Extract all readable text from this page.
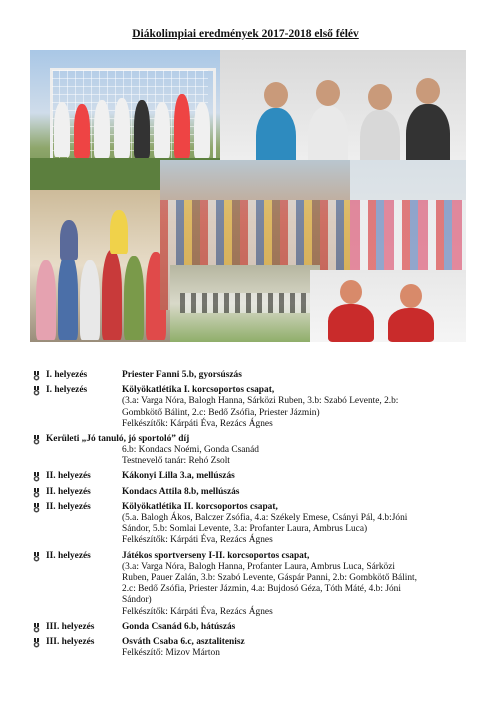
Diákolimpiai eredmények 2017-2018 első félév
I. helyezés	Priester Fanni 5.b, gyorsúszás
I. helyezés	Kölyökatlétika I. korcsoportos csapat,
(3.a: Varga Nóra, Balogh Hanna, Sárközi Ruben, 3.b: Szabó Levente, 2.b:
Gombkötő Bálint, 2.c: Bedő Zsófia, Priester Jázmin)
Felkészítők: Kárpáti Éva, Rezács Ágnes
Kerületi „Jó tanuló, jó sportoló” díj
6.b: Kondacs Noémi, Gonda Csanád
Testnevelő tanár: Rehó Zsolt
II. helyezés	Kákonyi Lilla 3.a, mellúszás
II. helyezés	Kondacs Attila 8.b, mellúszás
II. helyezés	Kölyökatlétika II. korcsoportos csapat,
(5.a. Balogh Ákos, Balczer Zsófia, 4.a: Székely Emese, Csányi Pál, 4.b:Jóni
Sándor, 5.b: Somlai Levente, 3.a: Profanter Laura, Ambrus Luca)
Felkészítők: Kárpáti Éva, Rezács Ágnes
II. helyezés	Játékos sportverseny I-II. korcsoportos csapat,
(3.a: Varga Nóra, Balogh Hanna, Profanter Laura, Ambrus Luca, Sárközi
Ruben, Pauer Zalán, 3.b: Szabó Levente, Gáspár Panni, 2.b: Gombkötő Bálint,
2.c: Bedő Zsófia, Priester Jázmin, 4.a: Bujdosó Géza, Tóth Máté, 4.b: Jóni
Sándor)
Felkészítők: Kárpáti Éva, Rezács Ágnes
III. helyezés	Gonda Csanád 6.b, hátúszás
III. helyezés	Osváth Csaba 6.c, asztalitenisz
Felkészítő: Mizov Márton
